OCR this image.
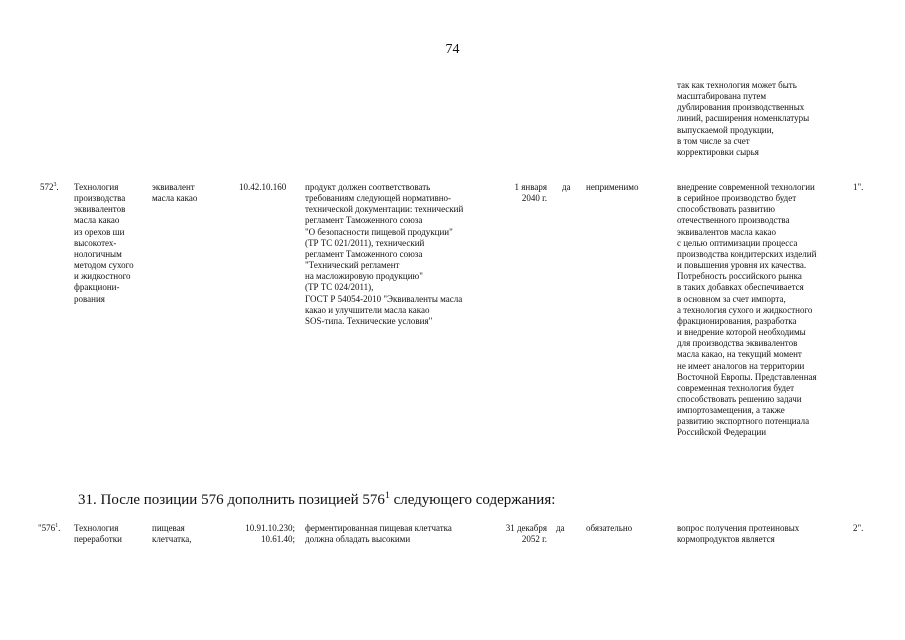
74
так как технология может быть
масштабирована путем
дублирования производственных
линий, расширения номенклатуры
выпускаемой продукции,
в том числе за счет
корректировки сырья
$572^3$. Технология
производства
эквивалентов
масла какао
из орехов ши
высокотех-
нологичным
методом сухого
и жидкостного
фракциони-
рования
эквивалент
масла какао
10.42.10.160 продукт должен соответствовать
требованиям следующей нормативно-
технической документации: технический
регламент Таможенного союза
"О безопасности пищевой продукции"
(ТР ТС 021/2011), технический
регламент Таможенного союза
"Технический регламент
на масложировую продукцию"
(ТР ТС 024/2011),
ГОСТ Р 54054-2010 "Эквиваленты масла
какао и улучшители масла какао
SOS-типа. Технические условия"
1 января
2040 г.
да неприменимо	внедрение современной технологии
в серийное производство будет
способствовать развитию
отечественного производства
эквивалентов масла какао
с целью оптимизации процесса
производства кондитерских изделий
и повышения уровня их качества.
Потребность российского рынка
в таких добавках обеспечивается
в основном за счет импорта,
а технология сухого и жидкостного
фракционирования, разработка
и внедрение которой необходимы
для производства эквивалентов
масла какао, на текущий момент
не имеет аналогов на территории
Восточной Европы. Представленная
современная технология будет
способствовать решению задачи
импортозамещения, а также
развитию экспортного потенциала
Российской Федерации
1".
31. После позиции 576 дополнить позицией $576^1$ следующего содержания:
"$576^1$. Технология
переработки
пищевая
клетчатка,
10.91.10.230;
10.61.40;
ферментированная пищевая клетчатка
должна обладать высокими
31 декабря
2052 г.
да обязательно	вопрос получения протеиновых
кормопродуктов является
2".
